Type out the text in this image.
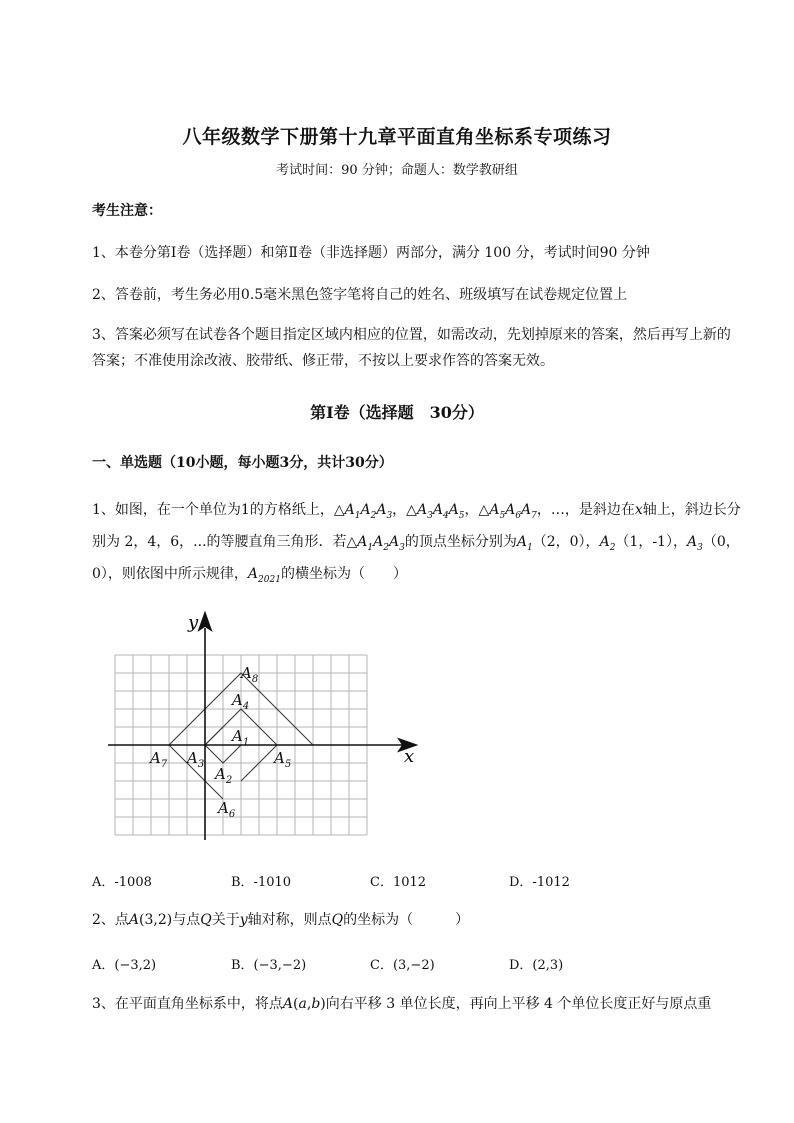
八年级数学下册第十九章平面直角坐标系专项练习
考试时间：90 分钟；命题人：数学教研组
考生注意：
1、本卷分第Ⅰ卷（选择题）和第Ⅱ卷（非选择题）两部分，满分 100 分，考试时间90 分钟
2、答卷前，考生务必用0.5毫米黑色签字笔将自己的姓名、班级填写在试卷规定位置上
3、答案必须写在试卷各个题目指定区域内相应的位置，如需改动，先划掉原来的答案，然后再写上新的答案；不准使用涂改液、胶带纸、修正带，不按以上要求作答的答案无效。
第Ⅰ卷（选择题　30分）
一、单选题（10小题，每小题3分，共计30分）
1、如图，在一个单位为1的方格纸上，$\triangle A_1A_2A_3$，$\triangle A_3A_4A_5$，$\triangle A_5A_6A_7$，…，是斜边在x轴上，斜边长分别为 2，4，6，...的等腰直角三角形．若$\triangle A_1A_2A_3$的顶点坐标分别为$A_1(2$，0），$A_2(1$，-1），$A_3(0$，0），则依图中所示规律，$A_{2021}$的横坐标为（　　）
x
y
$A_1$
$A_2$
$A_3$
$A_4$
$A_5$
$A_6$
$A_7$
$A_8$
A．-1008	B．-1010	C．1012	D．-1012
2、点A(3,2)与点Q关于y轴对称，则点Q的坐标为（　　　）
A．(−3,2)	B．(−3,−2)	C．(3,−2)	D．(2,3)
3、在平面直角坐标系中，将点A(a,b)向右平移 3 单位长度，再向上平移 4 个单位长度正好与原点重
